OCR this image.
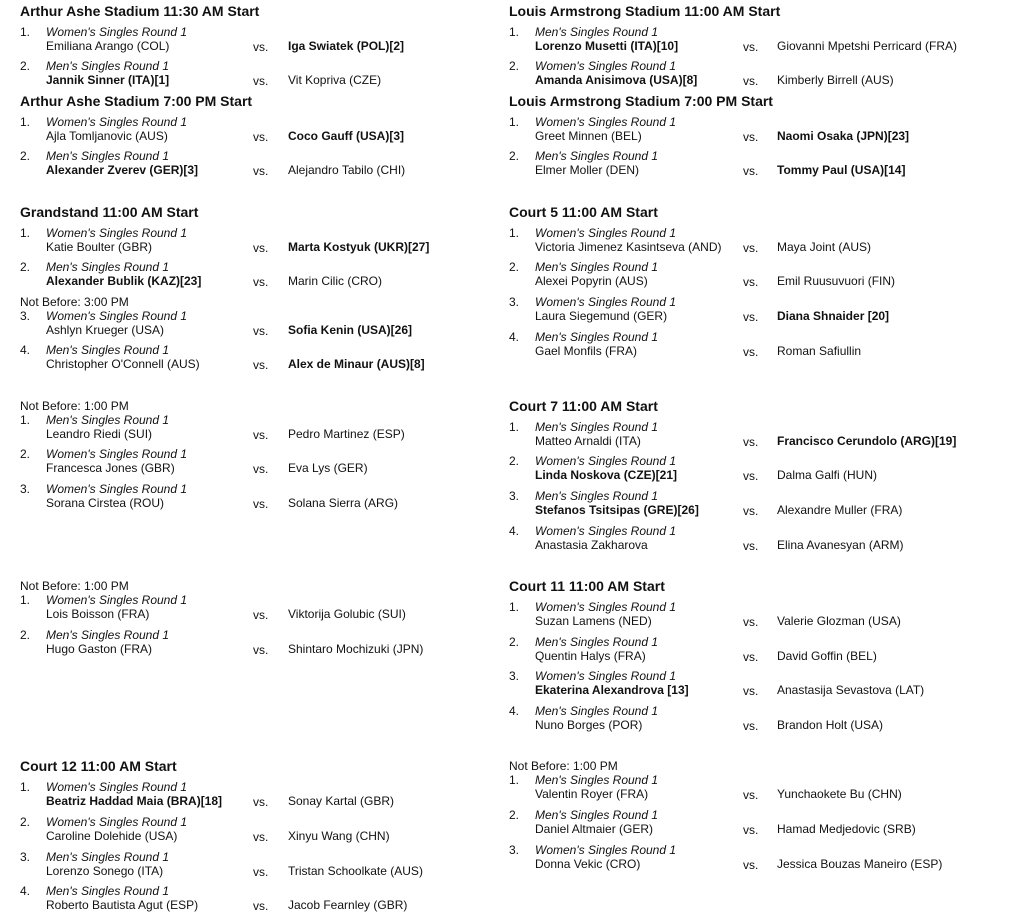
Arthur Ashe Stadium 11:30 AM Start
1. Women's Singles Round 1
Emiliana Arango (COL)	vs. Iga Swiatek (POL)[2]
2. Men's Singles Round 1
Jannik Sinner (ITA)[1]	vs. Vit Kopriva (CZE)
Arthur Ashe Stadium 7:00 PM Start
1. Women's Singles Round 1
Ajla Tomljanovic (AUS)	vs. Coco Gauff (USA)[3]
2. Men's Singles Round 1
Alexander Zverev (GER)[3]	vs. Alejandro Tabilo (CHI)
Grandstand 11:00 AM Start
1. Women's Singles Round 1
Katie Boulter (GBR)	vs. Marta Kostyuk (UKR)[27]
2. Men's Singles Round 1
Alexander Bublik (KAZ)[23]	vs. Marin Cilic (CRO)
Not Before: 3:00 PM
3. Women's Singles Round 1
Ashlyn Krueger (USA)	vs. Sofia Kenin (USA)[26]
4. Men's Singles Round 1
Christopher O'Connell (AUS)	vs. Alex de Minaur (AUS)[8]
Not Before: 1:00 PM
1. Men's Singles Round 1
Leandro Riedi (SUI)	vs. Pedro Martinez (ESP)
2. Women's Singles Round 1
Francesca Jones (GBR)	vs. Eva Lys (GER)
3. Women's Singles Round 1
Sorana Cirstea (ROU)	vs. Solana Sierra (ARG)
Not Before: 1:00 PM
1. Women's Singles Round 1
Lois Boisson (FRA)	vs. Viktorija Golubic (SUI)
2. Men's Singles Round 1
Hugo Gaston (FRA)	vs. Shintaro Mochizuki (JPN)
Court 12 11:00 AM Start
1. Women's Singles Round 1
Beatriz Haddad Maia (BRA)[18]	vs. Sonay Kartal (GBR)
2. Women's Singles Round 1
Caroline Dolehide (USA)	vs. Xinyu Wang (CHN)
3. Men's Singles Round 1
Lorenzo Sonego (ITA)	vs. Tristan Schoolkate (AUS)
4. Men's Singles Round 1
Roberto Bautista Agut (ESP)	vs. Jacob Fearnley (GBR)
Louis Armstrong Stadium 11:00 AM Start
1. Men's Singles Round 1
Lorenzo Musetti (ITA)[10]	vs. Giovanni Mpetshi Perricard (FRA)
2. Women's Singles Round 1
Amanda Anisimova (USA)[8]	vs. Kimberly Birrell (AUS)
Louis Armstrong Stadium 7:00 PM Start
1. Women's Singles Round 1
Greet Minnen (BEL)	vs. Naomi Osaka (JPN)[23]
2. Men's Singles Round 1
Elmer Moller (DEN)	vs. Tommy Paul (USA)[14]
Court 5 11:00 AM Start
1. Women's Singles Round 1
Victoria Jimenez Kasintseva (AND) vs. Maya Joint (AUS)
2. Men's Singles Round 1
Alexei Popyrin (AUS)	vs. Emil Ruusuvuori (FIN)
3. Women's Singles Round 1
Laura Siegemund (GER)	vs. Diana Shnaider [20]
4. Men's Singles Round 1
Gael Monfils (FRA)	vs. Roman Safiullin
Court 7 11:00 AM Start
1. Men's Singles Round 1
Matteo Arnaldi (ITA)	vs. Francisco Cerundolo (ARG)[19]
2. Women's Singles Round 1
Linda Noskova (CZE)[21]	vs. Dalma Galfi (HUN)
3. Men's Singles Round 1
Stefanos Tsitsipas (GRE)[26]	vs. Alexandre Muller (FRA)
4. Women's Singles Round 1
Anastasia Zakharova	vs. Elina Avanesyan (ARM)
Court 11 11:00 AM Start
1. Women's Singles Round 1
Suzan Lamens (NED)	vs. Valerie Glozman (USA)
2. Men's Singles Round 1
Quentin Halys (FRA)	vs. David Goffin (BEL)
3. Women's Singles Round 1
Ekaterina Alexandrova [13]	vs. Anastasija Sevastova (LAT)
4. Men's Singles Round 1
Nuno Borges (POR)	vs. Brandon Holt (USA)
Not Before: 1:00 PM
1. Men's Singles Round 1
Valentin Royer (FRA)	vs. Yunchaokete Bu (CHN)
2. Men's Singles Round 1
Daniel Altmaier (GER)	vs. Hamad Medjedovic (SRB)
3. Women's Singles Round 1
Donna Vekic (CRO)	vs. Jessica Bouzas Maneiro (ESP)
